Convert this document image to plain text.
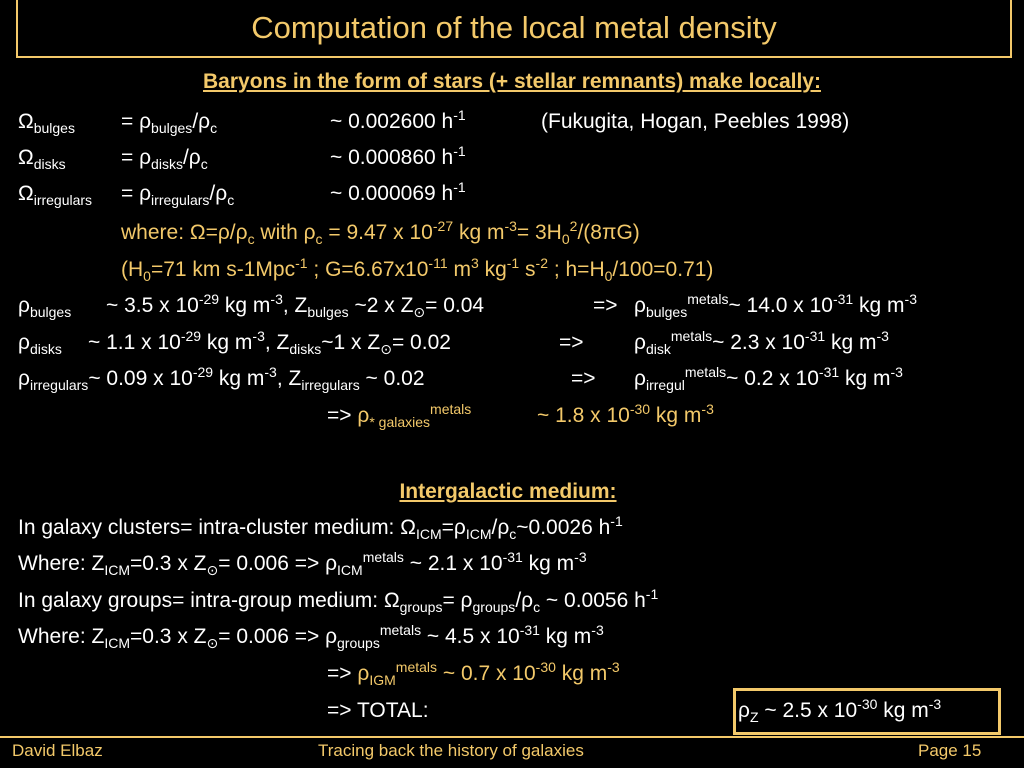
Computation of the local metal density
Baryons in the form of stars (+ stellar remnants) make locally:
$\Omega_{bulges} = \rho_{bulges}/\rho_c$	~ 0.002600 $h^{-1}$	(Fukugita, Hogan, Peebles 1998)
$\Omega_{disks}$	= $\rho_{disks}/\rho_c$	~ 0.000860 $h^{-1}$
$\Omega_{irregulars} = \rho_{irregulars}/\rho_c$	~ 0.000069 $h^{-1}$
where: $\Omega=\rho/\rho_c$ with $\rho_c = 9.47$ x $10^{-27}$ kg $m^{-3}= 3H_0^2/(8\pi G)$
($H_0=71$ km s-1Mpc$^{-1}$ ; $G=6.67x10^{-11}$ $m^3$ $kg^{-1}$ $s^{-2}$ ; $h=H_0/100=0.71$)
$\rho_{bulges}$ ~ 3.5 x $10^{-29}$ kg $m^{-3}$, $Z_{bulges}$ ~2 x $Z_⊙= 0.04$	=> $\rho_{bulges}^{metals}\sim$ 14.0 x $10^{-31}$ kg $m^{-3}$
$\rho_{disks}$ ~ 1.1 x $10^{-29}$ kg $m^{-3}$, $Z_{disks}\sim 1$ x $Z_⊙= 0.02$	=> $\rho_{disk}^{metals}\sim$ 2.3 x $10^{-31}$ kg $m^{-3}$
$\rho_{irregulars}\sim$ 0.09 x $10^{-29}$ kg $m^{-3}$, $Z_{irregulars}$ ~ 0.02	=> $\rho_{irregul}^{metals}\sim$ 0.2 x $10^{-31}$ kg $m^{-3}$
=> $\rho_{* galaxies}^{metals}$	~ 1.8 x $10^{-30}$ kg $m^{-3}$
Intergalactic medium:
In galaxy clusters= intra-cluster medium: $\Omega_{ICM}=\rho_{ICM}/\rho_c\sim 0.0026$ $h^{-1}$
Where: $Z_{ICM}=0.3$ x $Z_⊙= 0.006 => \rho_{ICM}^{metals}$ ~ 2.1 x $10^{-31}$ kg $m^{-3}$
In galaxy groups= intra-group medium: $\Omega_{groups}= \rho_{groups}/\rho_c$ ~ 0.0056 $h^{-1}$
Where: $Z_{ICM}=0.3$ x $Z_⊙= 0.006 => \rho_{groups}^{metals}$ ~ 4.5 x $10^{-31}$ kg $m^{-3}$
=> $\rho_{IGM}^{metals}$ ~ 0.7 x $10^{-30}$ kg $m^{-3}$
=> TOTAL:	$\rho_Z$ ~ 2.5 x $10^{-30}$ kg $m^{-3}$
David Elbaz	Tracing back the history of galaxies	Page 15
